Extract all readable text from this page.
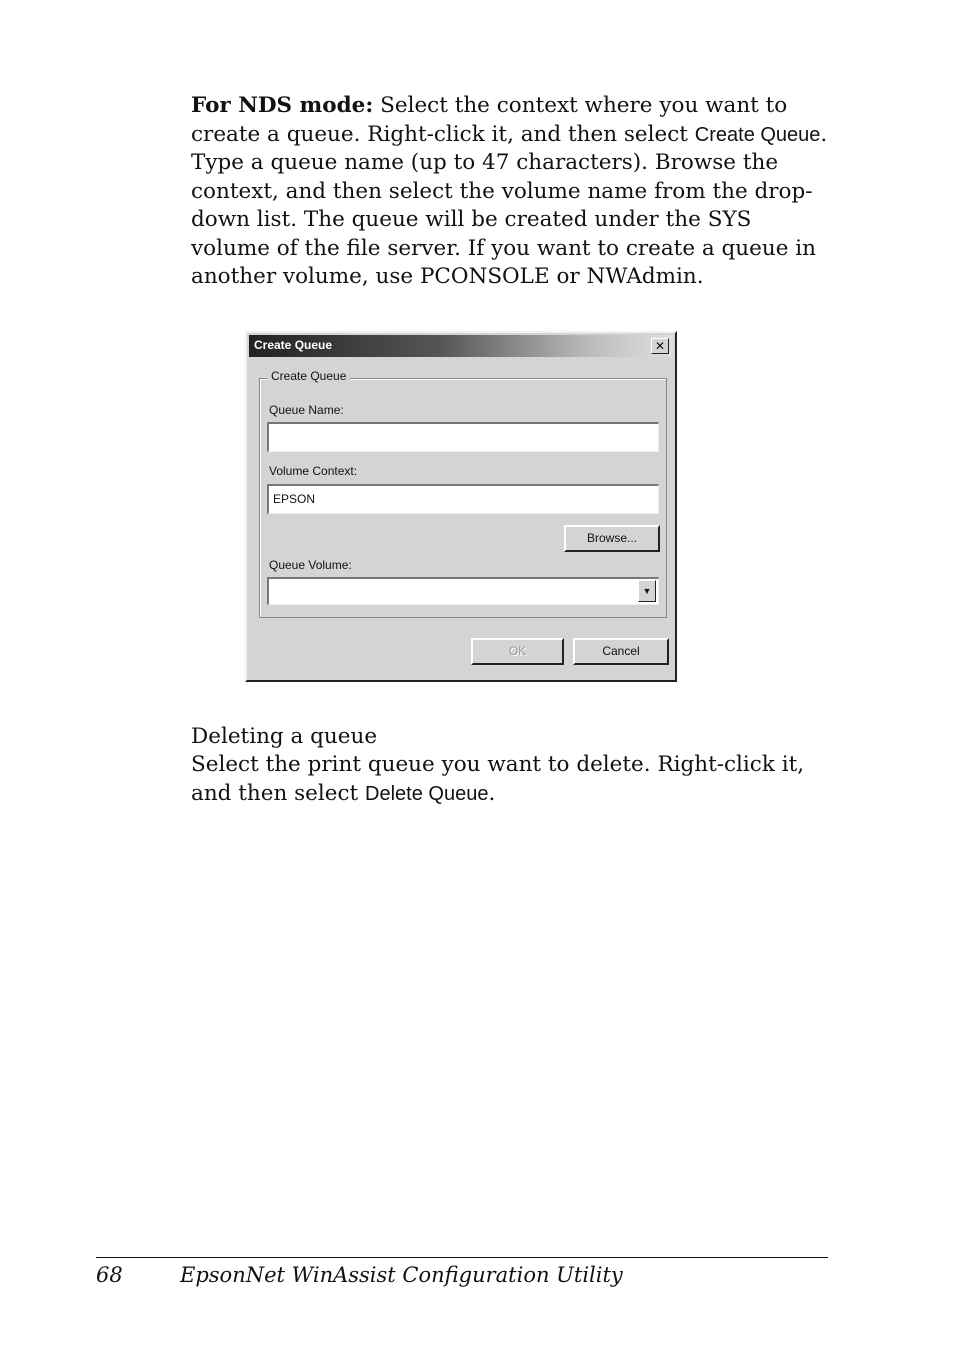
For NDS mode: Select the context where you want to create a queue. Right-click it, and then select Create Queue. Type a queue name (up to 47 characters). Browse the context, and then select the volume name from the drop-down list. The queue will be created under the SYS volume of the file server. If you want to create a queue in another volume, use PCONSOLE or NWAdmin.

Create Queue	✕
Create Queue
Queue Name:
Volume Context:
EPSON
Browse...
Queue Volume:
▼
OK	Cancel

Deleting a queue

Select the print queue you want to delete. Right-click it, and then select Delete Queue.

68	EpsonNet WinAssist Configuration Utility
